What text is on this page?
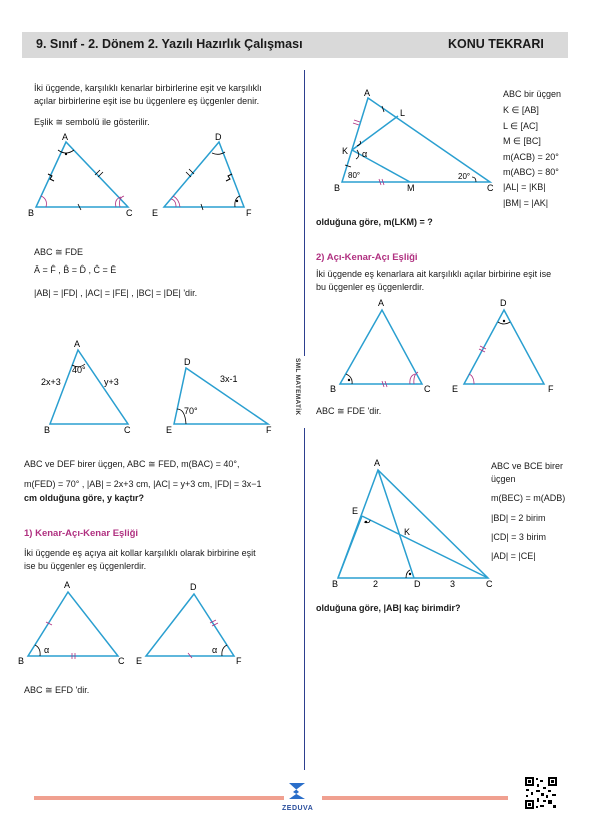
9. Sınıf - 2. Dönem 2. Yazılı Hazırlık Çalışması	KONU TEKRARI
SML MATEMATİK
İki üçgende, karşılıklı kenarlar birbirlerine eşit ve karşılıklı
açılar birbirlerine eşit ise bu üçgenlere eş üçgenler denir.
Eşlik ≅ sembolü ile gösterilir.
A
B	C
D
E	F
ABC ≅ FDE
Â = F̂ , B̂ = D̂ , Ĉ = Ê
|AB| = |FD| , |AC| = |FE| , |BC| = |DE| 'dir.
A
B	C
D
E	F
2x+3	y+3
40°
3x-1
70°
ABC ve DEF birer üçgen, ABC ≅ FED, m(BAC) = 40°,
m(FED) = 70° , |AB| = 2x+3 cm, |AC| = y+3 cm, |FD| = 3x−1
cm olduğuna göre, y kaçtır?
1) Kenar-Açı-Kenar Eşliği
İki üçgende eş açıya ait kollar karşılıklı olarak birbirine eşit
ise bu üçgenler eş üçgenlerdir.
α	α
A
B	C
D
E	F
ABC ≅ EFD 'dir.
A
L
K α
B
80°
M
20°
C
ABC bir üçgen
K ∈ [AB]
L ∈ [AC]
M ∈ [BC]
m(ACB) = 20°
m(ABC) = 80°
|AL| = |KB|
|BM| = |AK|
olduğuna göre, m(LKM) = ?
2) Açı-Kenar-Açı Eşliği
İki üçgende eş kenarlara ait karşılıklı açılar birbirine eşit ise
bu üçgenler eş üçgenlerdir.
A
B	C
D
E	F
ABC ≅ FDE 'dir.
A
E
K
B	D	C
2	3
ABC ve BCE birer
üçgen
m(BEC) = m(ADB)
|BD| = 2 birim
|CD| = 3 birim
|AD| = |CE|
olduğuna göre, |AB| kaç birimdir?
ZEDUVA
